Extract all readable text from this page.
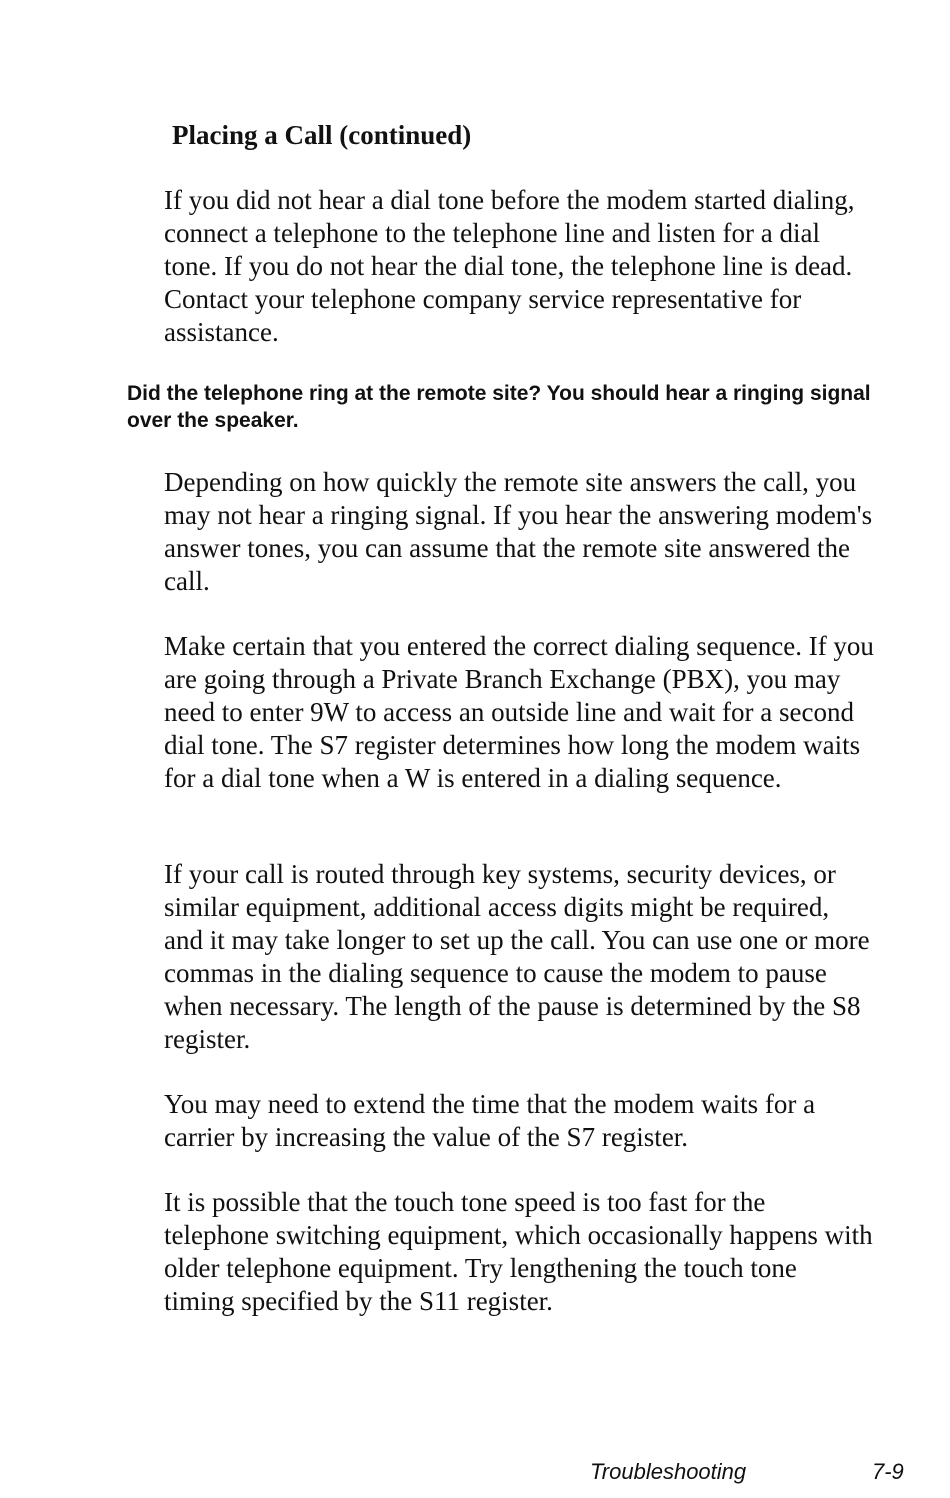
Placing a Call (continued)

If you did not hear a dial tone before the modem started dialing, connect a telephone to the telephone line and listen for a dial tone. If you do not hear the dial tone, the telephone line is dead. Contact your telephone company service representative for assistance.

Did the telephone ring at the remote site? You should hear a ringing signal over the speaker.

Depending on how quickly the remote site answers the call, you may not hear a ringing signal. If you hear the answering modem's answer tones, you can assume that the remote site answered the call.

Make certain that you entered the correct dialing sequence. If you are going through a Private Branch Exchange (PBX), you may need to enter 9W to access an outside line and wait for a second dial tone. The S7 register determines how long the modem waits for a dial tone when a W is entered in a dialing sequence.

If your call is routed through key systems, security devices, or similar equipment, additional access digits might be required, and it may take longer to set up the call. You can use one or more commas in the dialing sequence to cause the modem to pause when necessary. The length of the pause is determined by the S8 register.

You may need to extend the time that the modem waits for a carrier by increasing the value of the S7 register.

It is possible that the touch tone speed is too fast for the telephone switching equipment, which occasionally happens with older telephone equipment. Try lengthening the touch tone timing specified by the S11 register.

Troubleshooting	7-9
